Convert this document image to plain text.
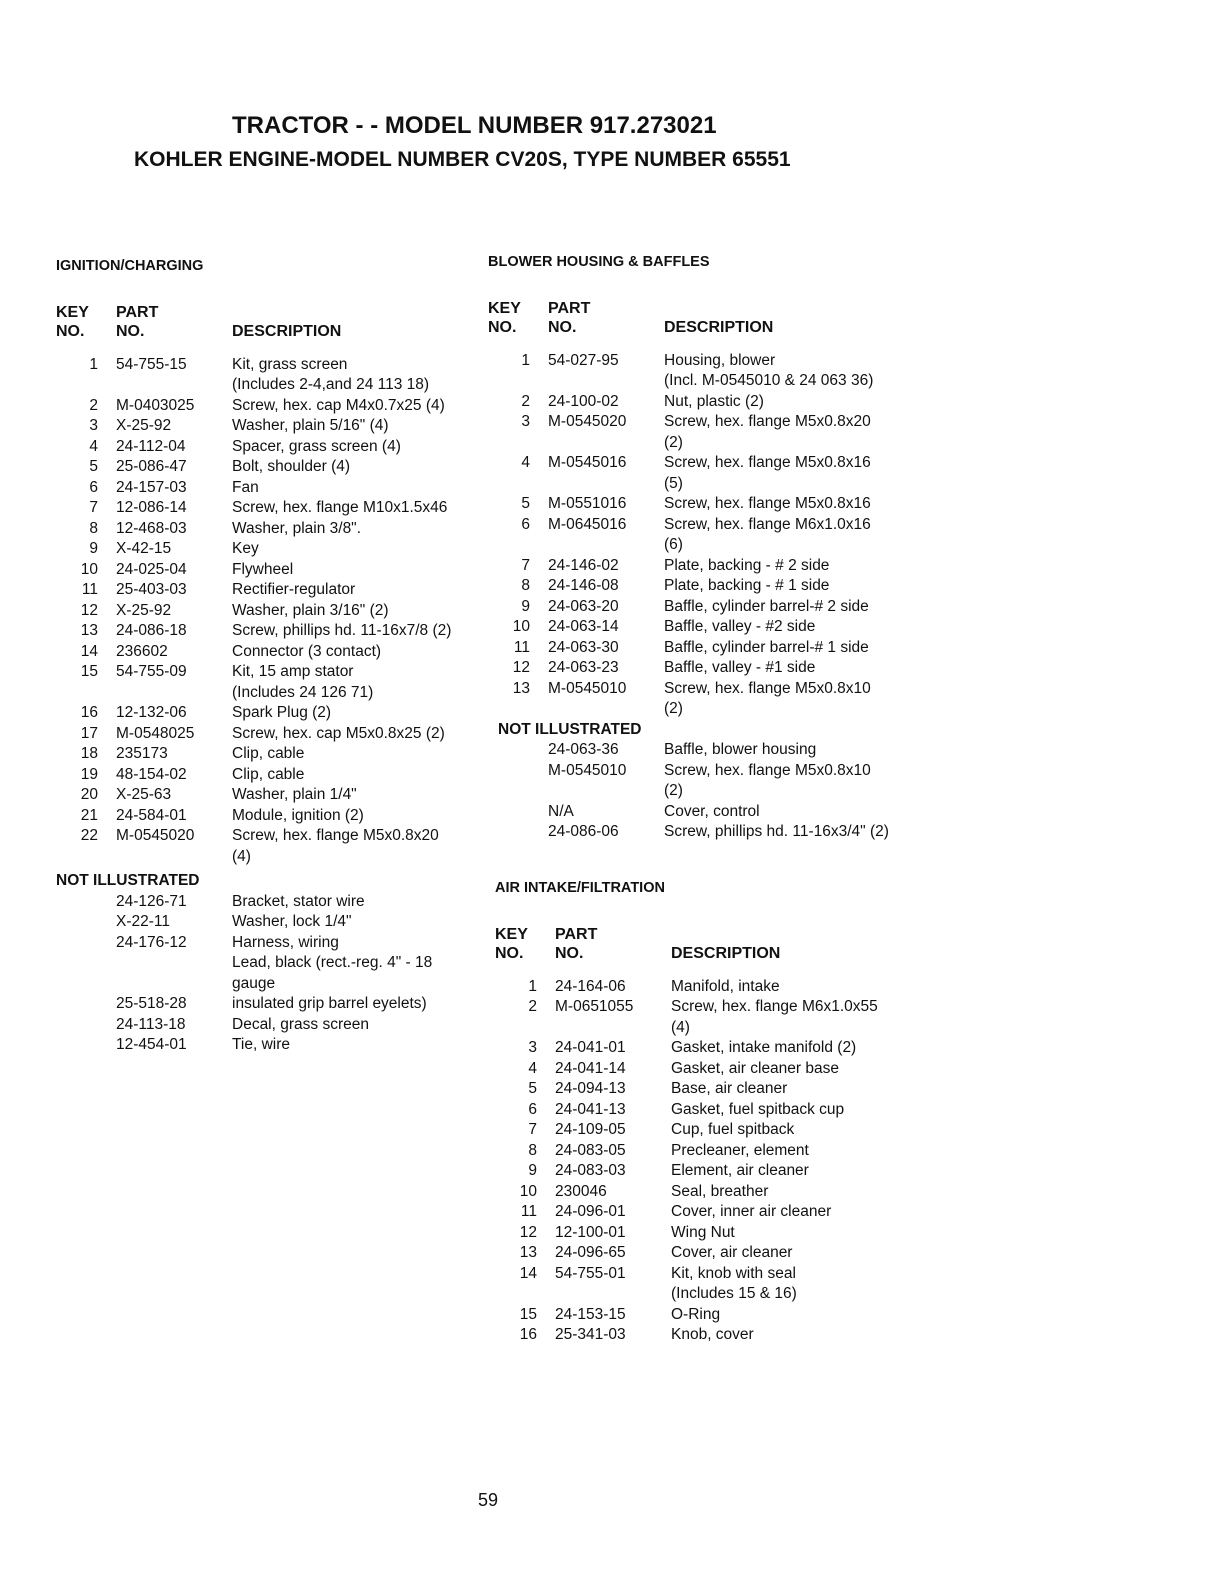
TRACTOR - - MODEL NUMBER 917.273021
KOHLER ENGINE-MODEL NUMBER CV20S, TYPE NUMBER 65551
IGNITION/CHARGING
KEY
NO.
PART
NO.	DESCRIPTION
1	54-755-15	Kit, grass screen
(Includes 2-4,and 24 113 18)
2	M-0403025	Screw, hex. cap M4x0.7x25 (4)
3	X-25-92	Washer, plain 5/16" (4)
4	24-112-04	Spacer, grass screen (4)
5	25-086-47	Bolt, shoulder (4)
6	24-157-03	Fan
7	12-086-14	Screw, hex. flange M10x1.5x46
8	12-468-03	Washer, plain 3/8".
9	X-42-15	Key
10	24-025-04	Flywheel
11	25-403-03	Rectifier-regulator
12	X-25-92	Washer, plain 3/16" (2)
13	24-086-18	Screw, phillips hd. 11-16x7/8 (2)
14	236602	Connector (3 contact)
15	54-755-09	Kit, 15 amp stator
(Includes 24 126 71)
16	12-132-06	Spark Plug (2)
17	M-0548025	Screw, hex. cap M5x0.8x25 (2)
18	235173	Clip, cable
19	48-154-02	Clip, cable
20	X-25-63	Washer, plain 1/4"
21	24-584-01	Module, ignition (2)
22	M-0545020	Screw, hex. flange M5x0.8x20
(4)
NOT ILLUSTRATED
24-126-71	Bracket, stator wire
X-22-11	Washer, lock 1/4"
24-176-12	Harness, wiring
Lead, black (rect.-reg. 4" - 18
gauge
25-518-28	insulated grip barrel eyelets)
24-113-18	Decal, grass screen
12-454-01	Tie, wire
BLOWER HOUSING & BAFFLES
KEY
NO.
PART
NO.	DESCRIPTION
1	54-027-95	Housing, blower
(Incl. M-0545010 & 24 063 36)
2	24-100-02	Nut, plastic (2)
3	M-0545020	Screw, hex. flange M5x0.8x20
(2)
4	M-0545016	Screw, hex. flange M5x0.8x16
(5)
5	M-0551016	Screw, hex. flange M5x0.8x16
6	M-0645016	Screw, hex. flange M6x1.0x16
(6)
7	24-146-02	Plate, backing - # 2 side
8	24-146-08	Plate, backing - # 1 side
9	24-063-20	Baffle, cylinder barrel-# 2 side
10	24-063-14	Baffle, valley - #2 side
11	24-063-30	Baffle, cylinder barrel-# 1 side
12	24-063-23	Baffle, valley - #1 side
13	M-0545010	Screw, hex. flange M5x0.8x10
(2)
NOT ILLUSTRATED
24-063-36	Baffle, blower housing
M-0545010	Screw, hex. flange M5x0.8x10
(2)
N/A	Cover, control
24-086-06	Screw, phillips hd. 11-16x3/4" (2)
AIR INTAKE/FILTRATION
KEY
NO.
PART
NO.	DESCRIPTION
1	24-164-06	Manifold, intake
2	M-0651055	Screw, hex. flange M6x1.0x55
(4)
3	24-041-01	Gasket, intake manifold (2)
4	24-041-14	Gasket, air cleaner base
5	24-094-13	Base, air cleaner
6	24-041-13	Gasket, fuel spitback cup
7	24-109-05	Cup, fuel spitback
8	24-083-05	Precleaner, element
9	24-083-03	Element, air cleaner
10	230046	Seal, breather
11	24-096-01	Cover, inner air cleaner
12	12-100-01	Wing Nut
13	24-096-65	Cover, air cleaner
14	54-755-01	Kit, knob with seal
(Includes 15 & 16)
15	24-153-15	O-Ring
16	25-341-03	Knob, cover
59
